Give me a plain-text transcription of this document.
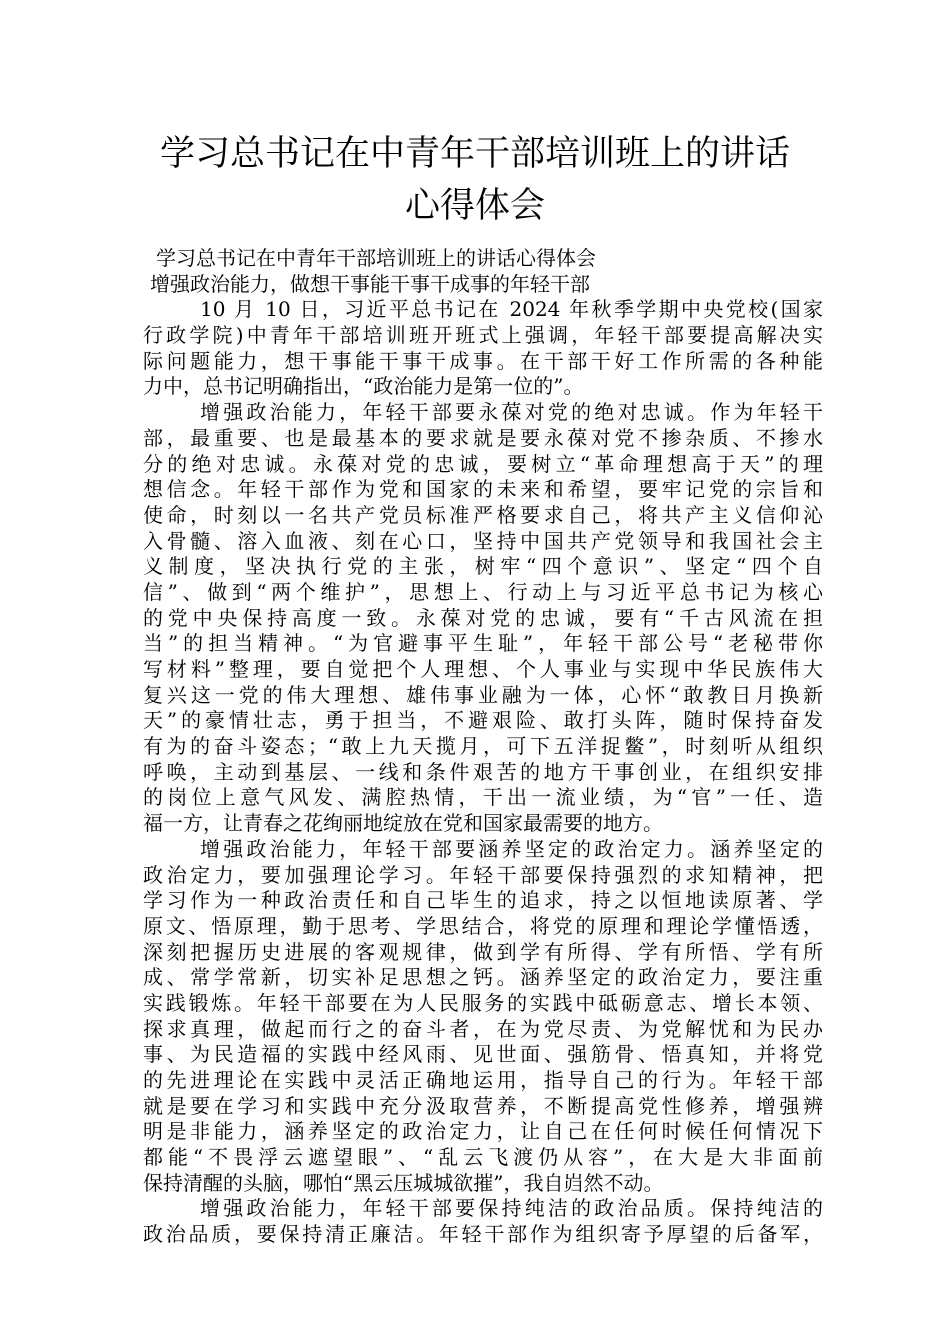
学习总书记在中青年干部培训班上的讲话
心得体会
学习总书记在中青年干部培训班上的讲话心得体会
增强政治能力，做想干事能干事干成事的年轻干部
10 月 10 日，习近平总书记在 2024 年秋季学期中央党校(国家
行政学院)中青年干部培训班开班式上强调，年轻干部要提高解决实
际问题能力，想干事能干事干成事。在干部干好工作所需的各种能
力中，总书记明确指出，“政治能力是第一位的”。
增强政治能力，年轻干部要永葆对党的绝对忠诚。作为年轻干
部，最重要、也是最基本的要求就是要永葆对党不掺杂质、不掺水
分的绝对忠诚。永葆对党的忠诚，要树立“革命理想高于天”的理
想信念。年轻干部作为党和国家的未来和希望，要牢记党的宗旨和
使命，时刻以一名共产党员标准严格要求自己，将共产主义信仰沁
入骨髓、溶入血液、刻在心口，坚持中国共产党领导和我国社会主
义制度，坚决执行党的主张，树牢“四个意识”、坚定“四个自
信”、做到“两个维护”，思想上、行动上与习近平总书记为核心
的党中央保持高度一致。永葆对党的忠诚，要有“千古风流在担
当”的担当精神。“为官避事平生耻”，年轻干部公号“老秘带你
写材料”整理，要自觉把个人理想、个人事业与实现中华民族伟大
复兴这一党的伟大理想、雄伟事业融为一体，心怀“敢教日月换新
天”的豪情壮志，勇于担当，不避艰险、敢打头阵，随时保持奋发
有为的奋斗姿态；“敢上九天揽月，可下五洋捉鳖”，时刻听从组织
呼唤，主动到基层、一线和条件艰苦的地方干事创业，在组织安排
的岗位上意气风发、满腔热情，干出一流业绩，为“官”一任、造
福一方，让青春之花绚丽地绽放在党和国家最需要的地方。
增强政治能力，年轻干部要涵养坚定的政治定力。涵养坚定的
政治定力，要加强理论学习。年轻干部要保持强烈的求知精神，把
学习作为一种政治责任和自己毕生的追求，持之以恒地读原著、学
原文、悟原理，勤于思考、学思结合，将党的原理和理论学懂悟透，
深刻把握历史进展的客观规律，做到学有所得、学有所悟、学有所
成、常学常新，切实补足思想之钙。涵养坚定的政治定力，要注重
实践锻炼。年轻干部要在为人民服务的实践中砥砺意志、增长本领、
探求真理，做起而行之的奋斗者，在为党尽责、为党解忧和为民办
事、为民造福的实践中经风雨、见世面、强筋骨、悟真知，并将党
的先进理论在实践中灵活正确地运用，指导自己的行为。年轻干部
就是要在学习和实践中充分汲取营养，不断提高党性修养，增强辨
明是非能力，涵养坚定的政治定力，让自己在任何时候任何情况下
都能“不畏浮云遮望眼”、“乱云飞渡仍从容”，在大是大非面前
保持清醒的头脑，哪怕“黑云压城城欲摧”，我自岿然不动。
增强政治能力，年轻干部要保持纯洁的政治品质。保持纯洁的
政治品质，要保持清正廉洁。年轻干部作为组织寄予厚望的后备军，
